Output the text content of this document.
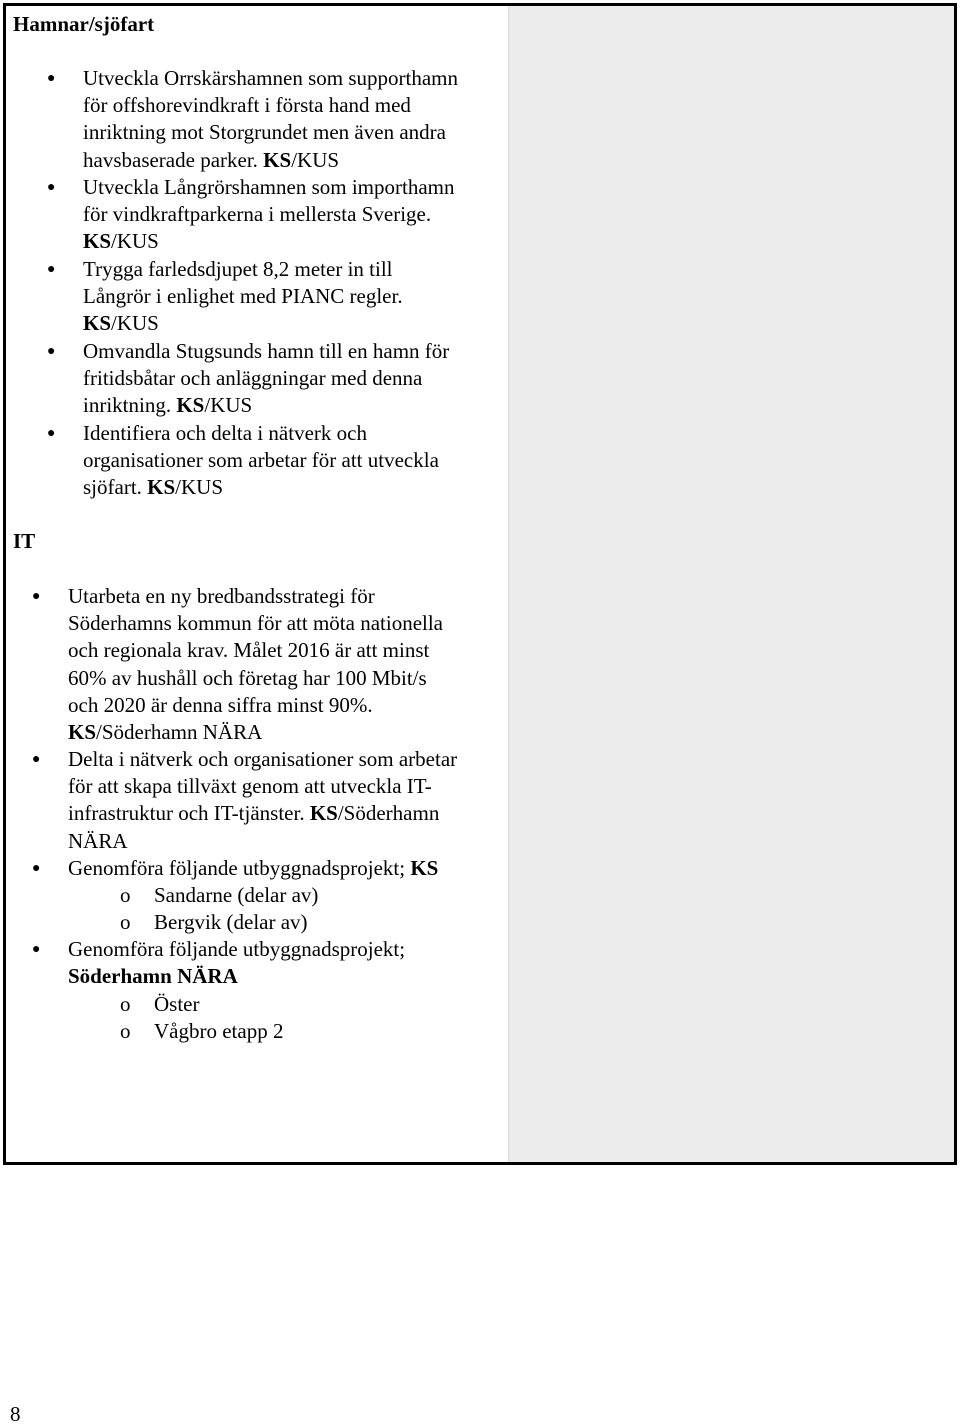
Hamnar/sjöfart
● Utveckla Orrskärshamnen som supporthamn
för offshorevindkraft i första hand med
inriktning mot Storgrundet men även andra
havsbaserade parker. KS/KUS
● Utveckla Långrörshamnen som importhamn
för vindkraftparkerna i mellersta Sverige.
KS/KUS
● Trygga farledsdjupet 8,2 meter in till
Långrör i enlighet med PIANC regler.
KS/KUS
● Omvandla Stugsunds hamn till en hamn för
fritidsbåtar och anläggningar med denna
inriktning. KS/KUS
● Identifiera och delta i nätverk och
organisationer som arbetar för att utveckla
sjöfart. KS/KUS
IT
● Utarbeta en ny bredbandsstrategi för
Söderhamns kommun för att möta nationella
och regionala krav. Målet 2016 är att minst
60% av hushåll och företag har 100 Mbit/s
och 2020 är denna siffra minst 90%.
KS/Söderhamn NÄRA
● Delta i nätverk och organisationer som arbetar
för att skapa tillväxt genom att utveckla IT-
infrastruktur och IT-tjänster. KS/Söderhamn
NÄRA
● Genomföra följande utbyggnadsprojekt; KS
o Sandarne (delar av)
o Bergvik (delar av)
● Genomföra följande utbyggnadsprojekt;
Söderhamn NÄRA
o Öster
o Vågbro etapp 2
8
